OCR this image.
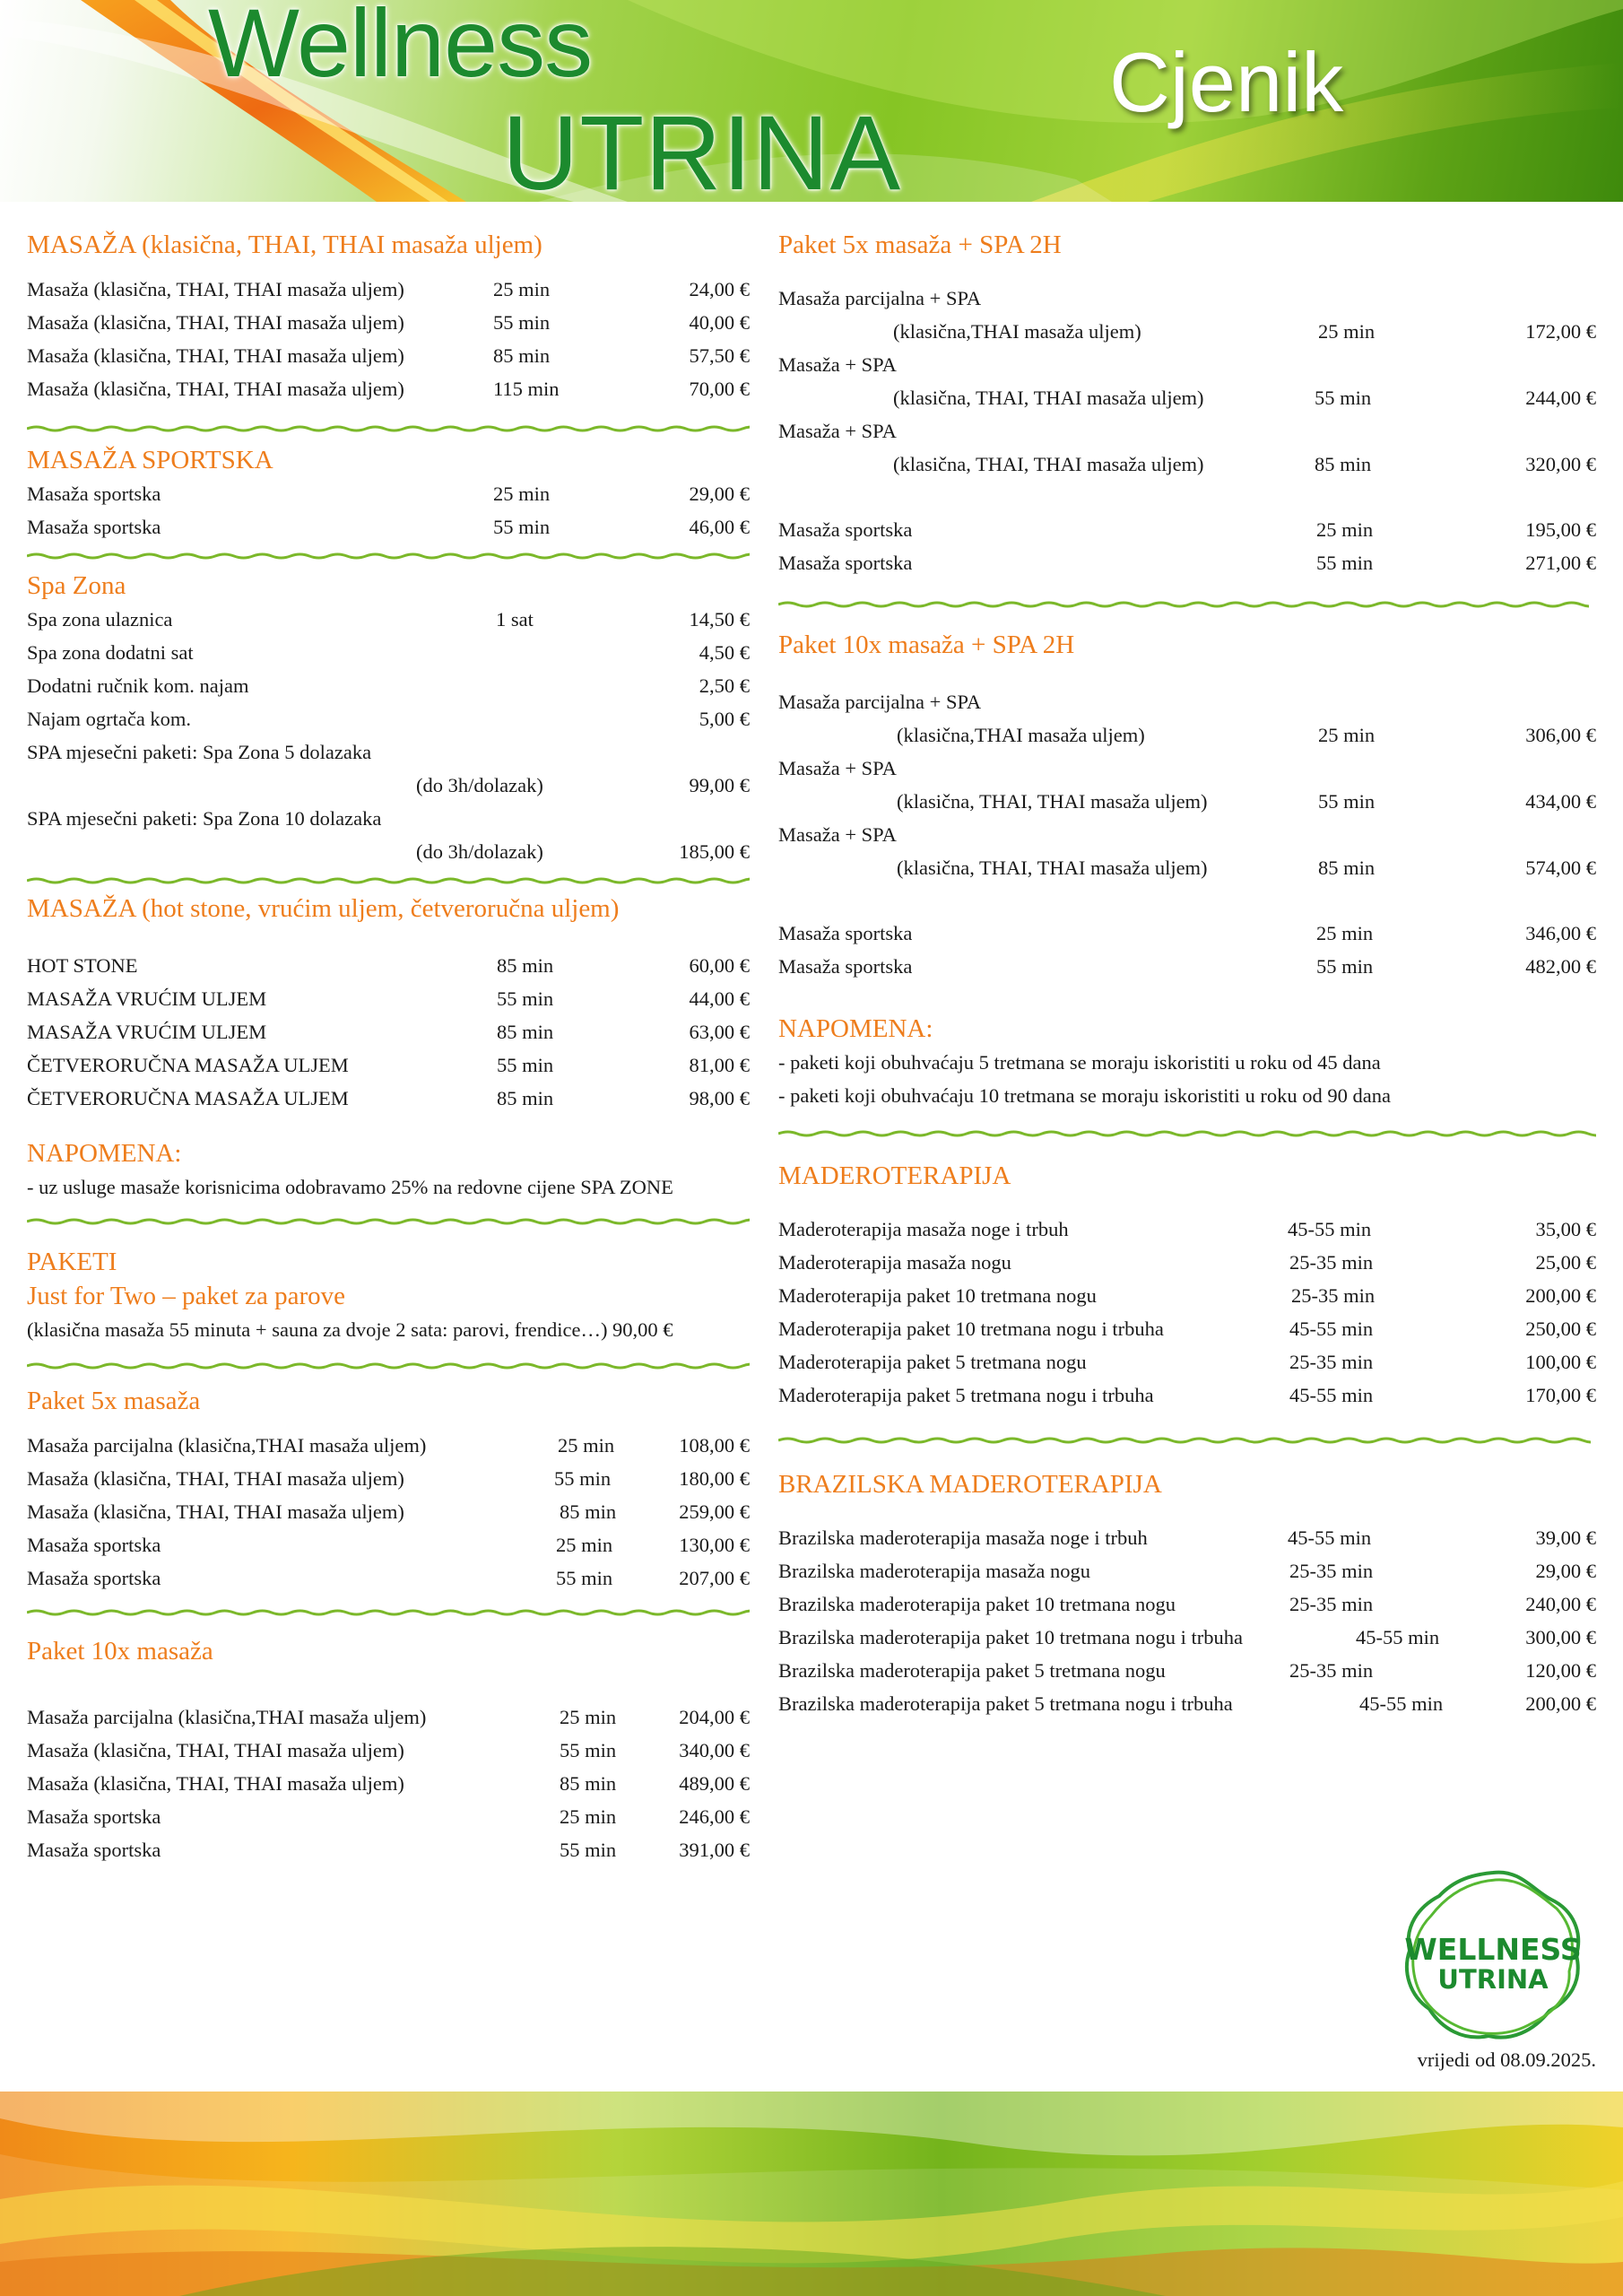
Wellness
UTRINA
Cjenik
MASAŽA (klasična, THAI, THAI masaža uljem)
Masaža (klasična, THAI, THAI masaža uljem)	25 min	24,00 €
Masaža (klasična, THAI, THAI masaža uljem)	55 min	40,00 €
Masaža (klasična, THAI, THAI masaža uljem)	85 min	57,50 €
Masaža (klasična, THAI, THAI masaža uljem)	115 min	70,00 €
MASAŽA SPORTSKA
Masaža sportska	25 min	29,00 €
Masaža sportska	55 min	46,00 €
Spa Zona
Spa zona ulaznica	1 sat	14,50 €
Spa zona dodatni sat	4,50 €
Dodatni ručnik kom. najam	2,50 €
Najam ogrtača kom.	5,00 €
SPA mjesečni paketi: Spa Zona 5 dolazaka
(do 3h/dolazak)	99,00 €
SPA mjesečni paketi: Spa Zona 10 dolazaka
(do 3h/dolazak)	185,00 €
MASAŽA (hot stone, vrućim uljem, četveroručna uljem)
HOT STONE	85 min	60,00 €
MASAŽA VRUĆIM ULJEM	55 min	44,00 €
MASAŽA VRUĆIM ULJEM	85 min	63,00 €
ČETVERORUČNA MASAŽA ULJEM	55 min	81,00 €
ČETVERORUČNA MASAŽA ULJEM	85 min	98,00 €
NAPOMENA:
- uz usluge masaže korisnicima odobravamo 25% na redovne cijene SPA ZONE
PAKETI
Just for Two – paket za parove
(klasična masaža 55 minuta + sauna za dvoje 2 sata: parovi, frendice…) 90,00 €
Paket 5x masaža
Masaža parcijalna (klasična,THAI masaža uljem)	25 min	108,00 €
Masaža (klasična, THAI, THAI masaža uljem)	55 min	180,00 €
Masaža (klasična, THAI, THAI masaža uljem)	85 min	259,00 €
Masaža sportska	25 min	130,00 €
Masaža sportska	55 min	207,00 €
Paket 10x masaža
Masaža parcijalna (klasična,THAI masaža uljem)	25 min	204,00 €
Masaža (klasična, THAI, THAI masaža uljem)	55 min	340,00 €
Masaža (klasična, THAI, THAI masaža uljem)	85 min	489,00 €
Masaža sportska	25 min	246,00 €
Masaža sportska	55 min	391,00 €
Paket 5x masaža + SPA 2H
Masaža parcijalna + SPA
(klasična,THAI masaža uljem)	25 min	172,00 €
Masaža + SPA
(klasična, THAI, THAI masaža uljem)	55 min	244,00 €
Masaža + SPA
(klasična, THAI, THAI masaža uljem)	85 min	320,00 €
Masaža sportska	25 min	195,00 €
Masaža sportska	55 min	271,00 €
Paket 10x masaža + SPA 2H
Masaža parcijalna + SPA
(klasična,THAI masaža uljem)	25 min	306,00 €
Masaža + SPA
(klasična, THAI, THAI masaža uljem)	55 min	434,00 €
Masaža + SPA
(klasična, THAI, THAI masaža uljem)	85 min	574,00 €
Masaža sportska	25 min	346,00 €
Masaža sportska	55 min	482,00 €
NAPOMENA:
- paketi koji obuhvaćaju 5 tretmana se moraju iskoristiti u roku od 45 dana
- paketi koji obuhvaćaju 10 tretmana se moraju iskoristiti u roku od 90 dana
MADEROTERAPIJA
Maderoterapija masaža noge i trbuh	45-55 min	35,00 €
Maderoterapija masaža nogu	25-35 min	25,00 €
Maderoterapija paket 10 tretmana nogu	25-35 min	200,00 €
Maderoterapija paket 10 tretmana nogu i trbuha	45-55 min	250,00 €
Maderoterapija paket 5 tretmana nogu	25-35 min	100,00 €
Maderoterapija paket 5 tretmana nogu i trbuha	45-55 min	170,00 €
BRAZILSKA MADEROTERAPIJA
Brazilska maderoterapija masaža noge i trbuh	45-55 min	39,00 €
Brazilska maderoterapija masaža nogu	25-35 min	29,00 €
Brazilska maderoterapija paket 10 tretmana nogu	25-35 min	240,00 €
Brazilska maderoterapija paket 10 tretmana nogu i trbuha	45-55 min	300,00 €
Brazilska maderoterapija paket 5 tretmana nogu	25-35 min	120,00 €
Brazilska maderoterapija paket 5 tretmana nogu i trbuha	45-55 min	200,00 €
WELLNESS
UTRINA
vrijedi od 08.09.2025.
